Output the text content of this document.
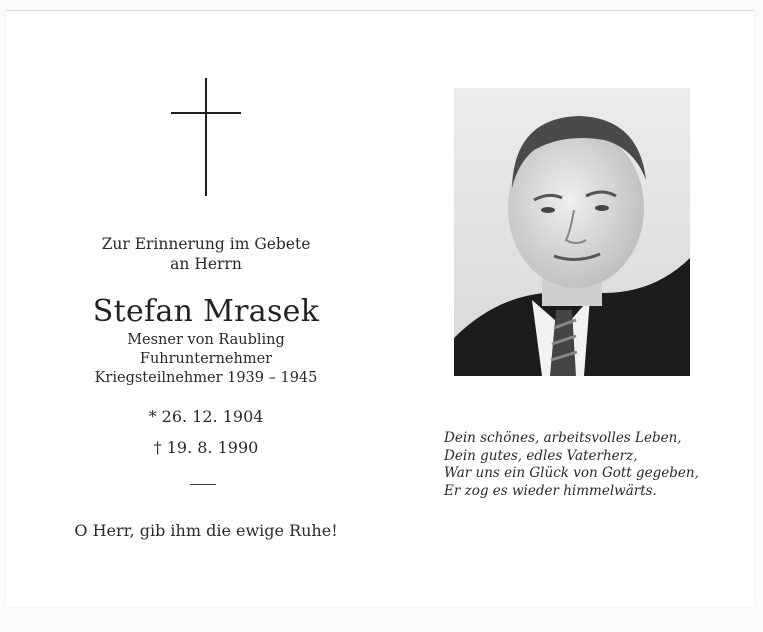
Zur Erinnerung im Gebete
an Herrn
Stefan Mrasek
Mesner von Raubling
Fuhrunternehmer
Kriegsteilnehmer 1939 – 1945
* 26. 12. 1904
† 19. 8. 1990
O Herr, gib ihm die ewige Ruhe!
Dein schönes, arbeitsvolles Leben,
Dein gutes, edles Vaterherz,
War uns ein Glück von Gott gegeben,
Er zog es wieder himmelwärts.
